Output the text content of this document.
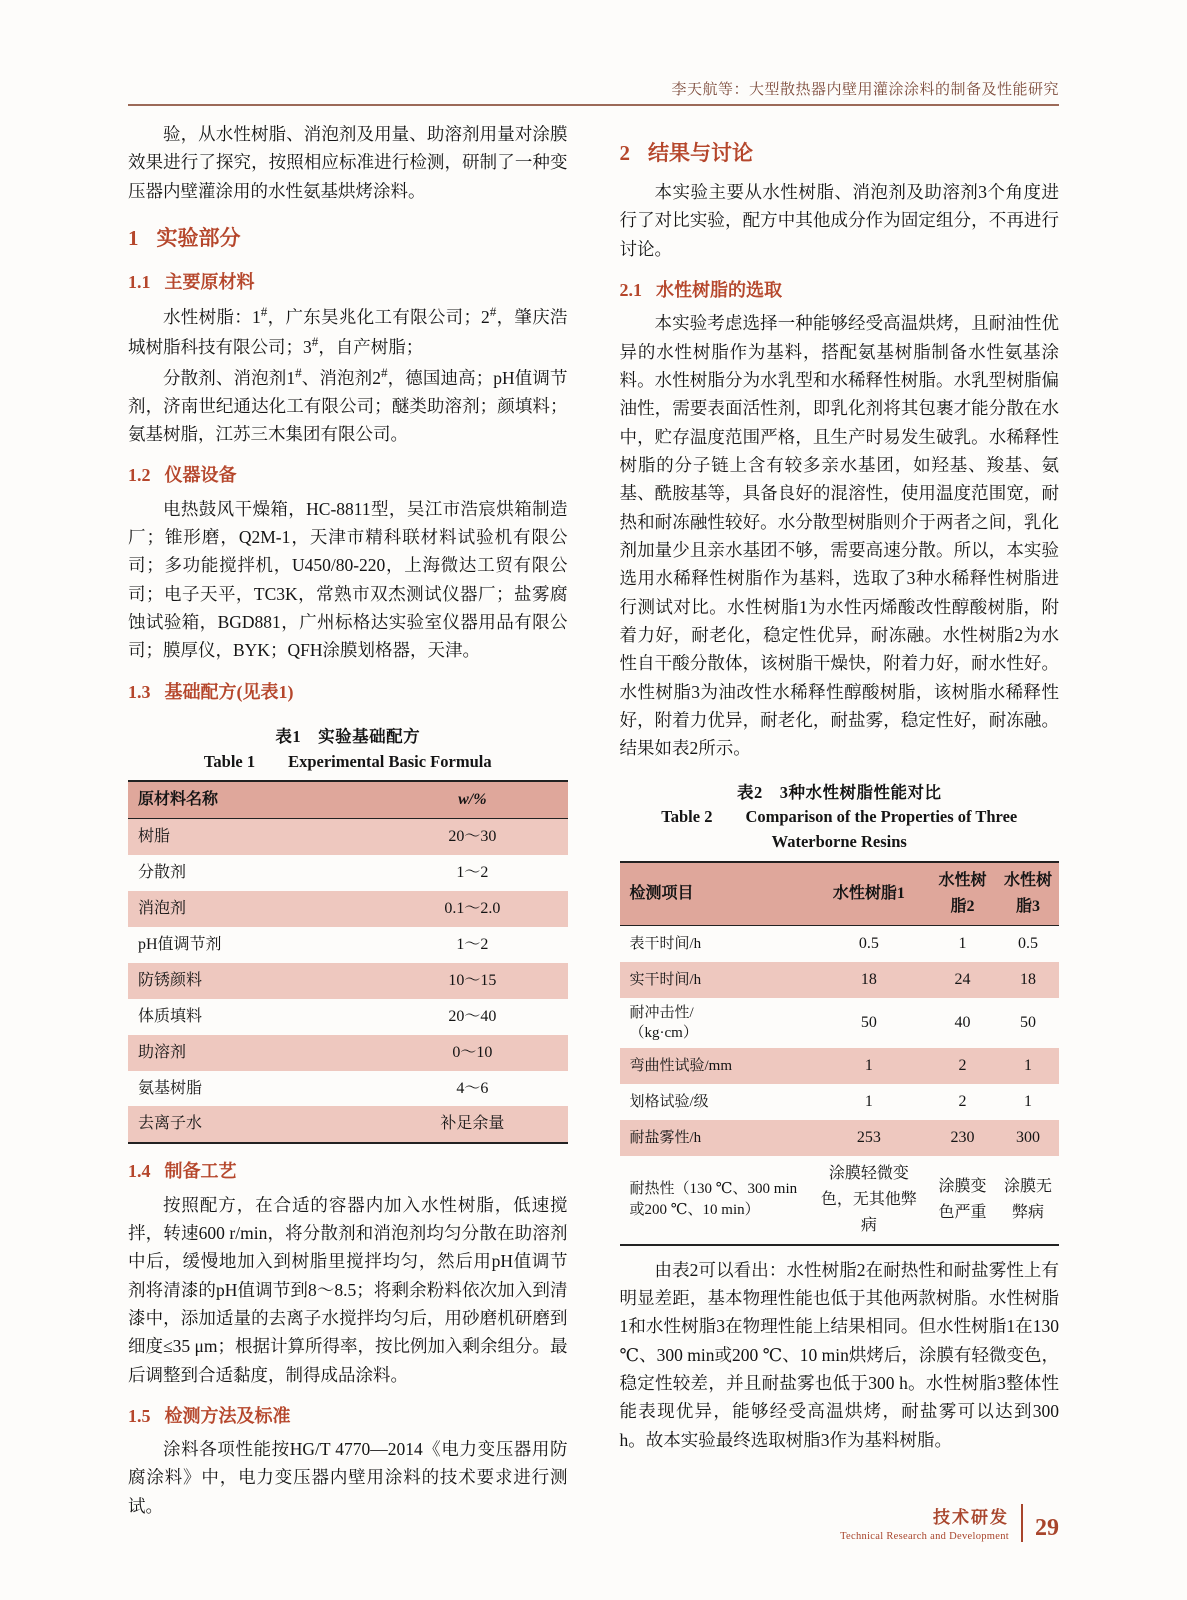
李天航等：大型散热器内壁用灌涂涂料的制备及性能研究

验，从水性树脂、消泡剂及用量、助溶剂用量对涂膜效果进行了探究，按照相应标准进行检测，研制了一种变压器内壁灌涂用的水性氨基烘烤涂料。

1 实验部分
1.1 主要原材料

水性树脂：1#，广东昊兆化工有限公司；2#，肇庆浩城树脂科技有限公司；3#，自产树脂；

分散剂、消泡剂1#、消泡剂2#，德国迪高；pH值调节剂，济南世纪通达化工有限公司；醚类助溶剂；颜填料；氨基树脂，江苏三木集团有限公司。

1.2 仪器设备

电热鼓风干燥箱，HC-8811型，吴江市浩宸烘箱制造厂；锥形磨，Q2M-1，天津市精科联材料试验机有限公司；多功能搅拌机，U450/80-220，上海微达工贸有限公司；电子天平，TC3K，常熟市双杰测试仪器厂；盐雾腐蚀试验箱，BGD881，广州标格达实验室仪器用品有限公司；膜厚仪，BYK；QFH涂膜划格器，天津。

1.3 基础配方(见表1)
表1　实验基础配方
Table 1　　Experimental Basic Formula
原材料名称	w/%
树脂	20～30
分散剂	1～2
消泡剂	0.1～2.0
pH值调节剂	1～2
防锈颜料	10～15
体质填料	20～40
助溶剂	0～10
氨基树脂	4～6
去离子水	补足余量
1.4 制备工艺

按照配方，在合适的容器内加入水性树脂，低速搅拌，转速600 r/min，将分散剂和消泡剂均匀分散在助溶剂中后，缓慢地加入到树脂里搅拌均匀，然后用pH值调节剂将清漆的pH值调节到8～8.5；将剩余粉料依次加入到清漆中，添加适量的去离子水搅拌均匀后，用砂磨机研磨到细度≤35 μm；根据计算所得率，按比例加入剩余组分。最后调整到合适黏度，制得成品涂料。

1.5 检测方法及标准

涂料各项性能按HG/T 4770—2014《电力变压器用防腐涂料》中，电力变压器内壁用涂料的技术要求进行测试。

2 结果与讨论

本实验主要从水性树脂、消泡剂及助溶剂3个角度进行了对比实验，配方中其他成分作为固定组分，不再进行讨论。

2.1 水性树脂的选取

本实验考虑选择一种能够经受高温烘烤，且耐油性优异的水性树脂作为基料，搭配氨基树脂制备水性氨基涂料。水性树脂分为水乳型和水稀释性树脂。水乳型树脂偏油性，需要表面活性剂，即乳化剂将其包裹才能分散在水中，贮存温度范围严格，且生产时易发生破乳。水稀释性树脂的分子链上含有较多亲水基团，如羟基、羧基、氨基、酰胺基等，具备良好的混溶性，使用温度范围宽，耐热和耐冻融性较好。水分散型树脂则介于两者之间，乳化剂加量少且亲水基团不够，需要高速分散。所以，本实验选用水稀释性树脂作为基料，选取了3种水稀释性树脂进行测试对比。水性树脂1为水性丙烯酸改性醇酸树脂，附着力好，耐老化，稳定性优异，耐冻融。水性树脂2为水性自干酸分散体，该树脂干燥快，附着力好，耐水性好。水性树脂3为油改性水稀释性醇酸树脂，该树脂水稀释性好，附着力优异，耐老化，耐盐雾，稳定性好，耐冻融。结果如表2所示。

表2　3种水性树脂性能对比
Table 2　　Comparison of the Properties of Three
Waterborne Resins
检测项目	水性树脂1	水性树脂2	水性树脂3
表干时间/h	0.5	1	0.5
实干时间/h	18	24	18
耐冲击性/
（kg·cm）	50	40	50
弯曲性试验/mm	1	2	1
划格试验/级	1	2	1
耐盐雾性/h	253	230	300
耐热性（130 ℃、300 min或200 ℃、10 min）	涂膜轻微变色，无其他弊病	涂膜变色严重	涂膜无弊病

由表2可以看出：水性树脂2在耐热性和耐盐雾性上有明显差距，基本物理性能也低于其他两款树脂。水性树脂1和水性树脂3在物理性能上结果相同。但水性树脂1在130 ℃、300 min或200 ℃、10 min烘烤后，涂膜有轻微变色，稳定性较差，并且耐盐雾也低于300 h。水性树脂3整体性能表现优异，能够经受高温烘烤，耐盐雾可以达到300 h。故本实验最终选取树脂3作为基料树脂。

技术研发
Technical Research and Development 29
